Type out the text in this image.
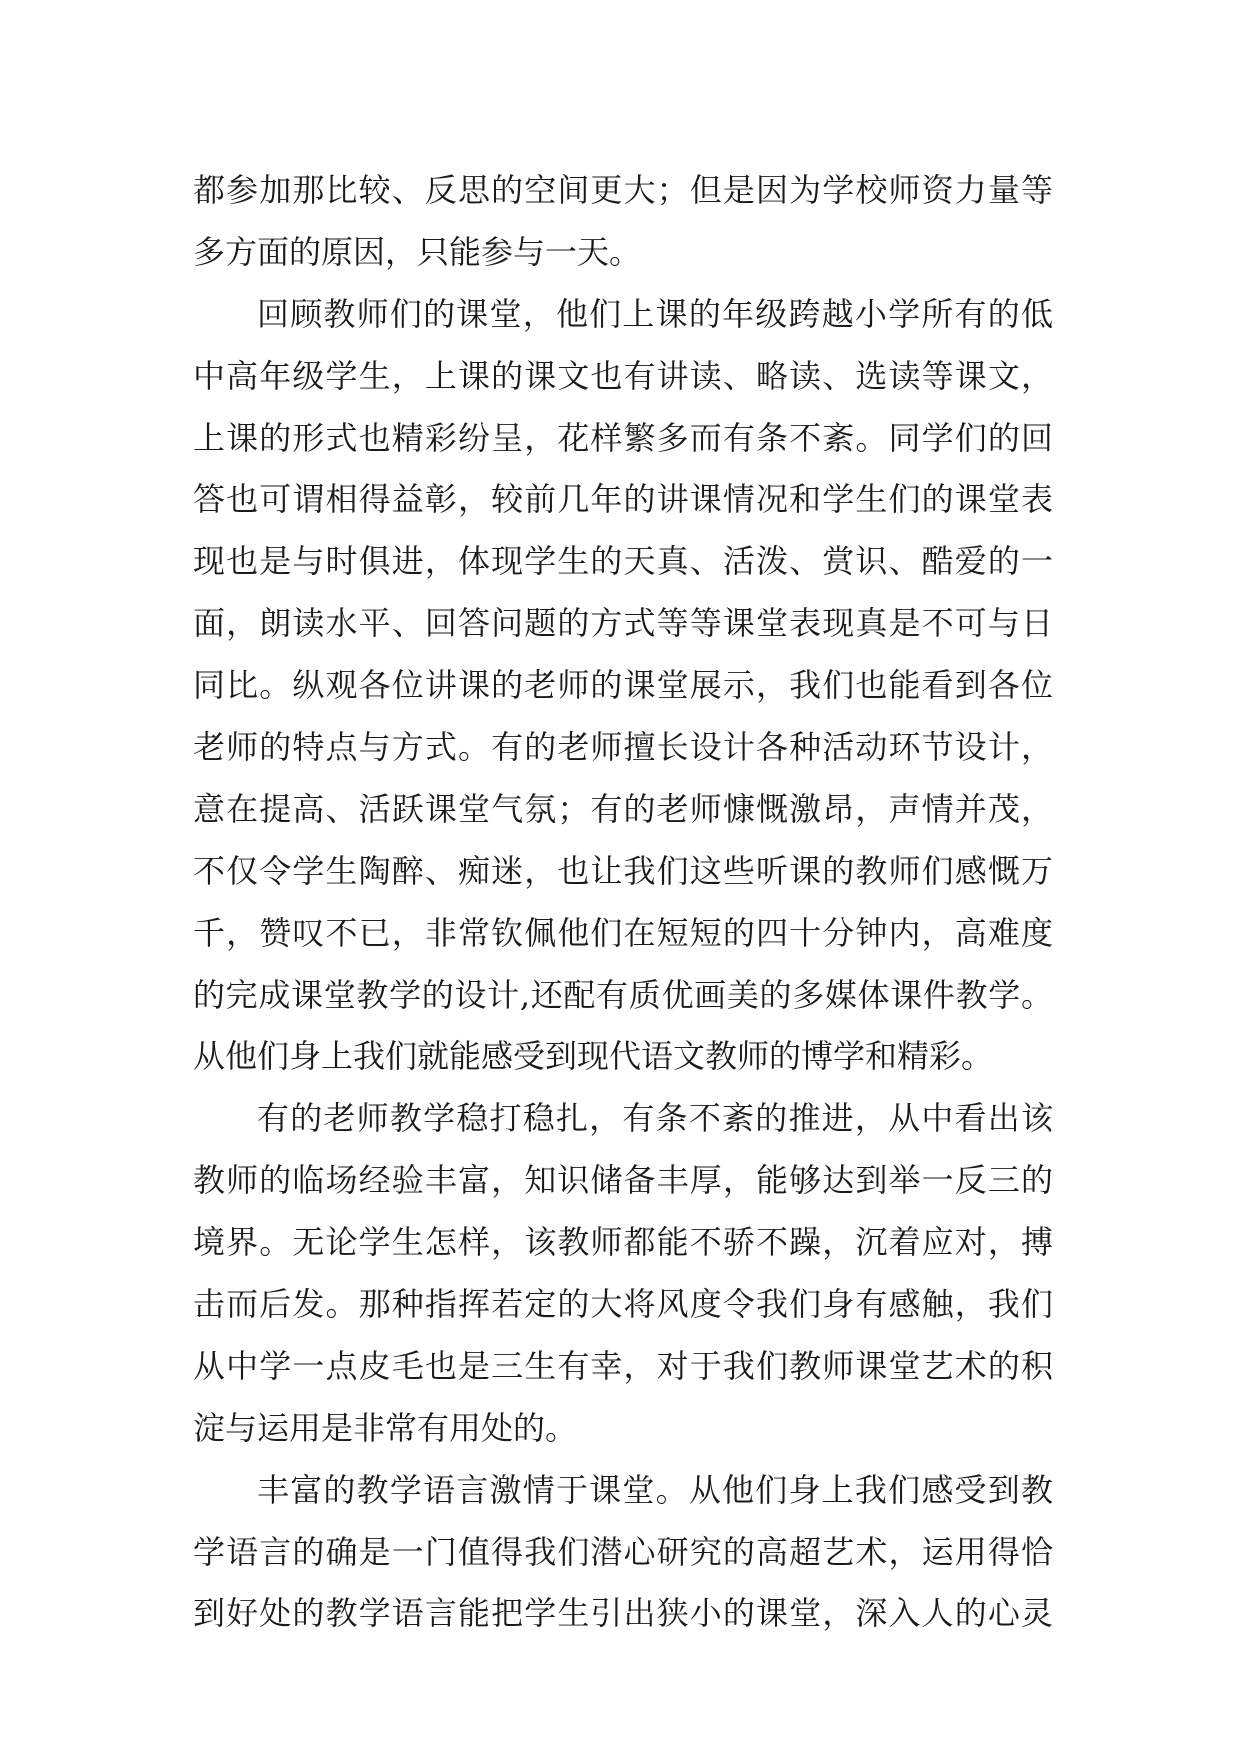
都参加那比较、反思的空间更大；但是因为学校师资力量等
多方面的原因，只能参与一天。
回顾教师们的课堂，他们上课的年级跨越小学所有的低
中高年级学生，上课的课文也有讲读、略读、选读等课文，
上课的形式也精彩纷呈，花样繁多而有条不紊。同学们的回
答也可谓相得益彰，较前几年的讲课情况和学生们的课堂表
现也是与时俱进，体现学生的天真、活泼、赏识、酷爱的一
面，朗读水平、回答问题的方式等等课堂表现真是不可与日
同比。纵观各位讲课的老师的课堂展示，我们也能看到各位
老师的特点与方式。有的老师擅长设计各种活动环节设计，
意在提高、活跃课堂气氛；有的老师慷慨激昂，声情并茂，
不仅令学生陶醉、痴迷，也让我们这些听课的教师们感慨万
千，赞叹不已，非常钦佩他们在短短的四十分钟内，高难度
的完成课堂教学的设计,还配有质优画美的多媒体课件教学。
从他们身上我们就能感受到现代语文教师的博学和精彩。
有的老师教学稳打稳扎，有条不紊的推进，从中看出该
教师的临场经验丰富，知识储备丰厚，能够达到举一反三的
境界。无论学生怎样，该教师都能不骄不躁，沉着应对，搏
击而后发。那种指挥若定的大将风度令我们身有感触，我们
从中学一点皮毛也是三生有幸，对于我们教师课堂艺术的积
淀与运用是非常有用处的。
丰富的教学语言激情于课堂。从他们身上我们感受到教
学语言的确是一门值得我们潜心研究的高超艺术，运用得恰
到好处的教学语言能把学生引出狭小的课堂，深入人的心灵
